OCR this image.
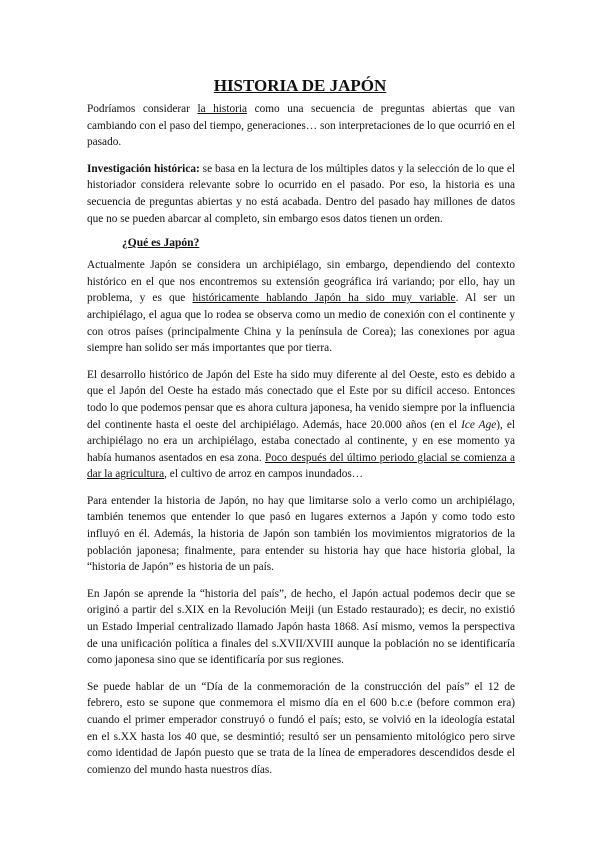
HISTORIA DE JAPÓN

Podríamos considerar la historia como una secuencia de preguntas abiertas que van cambiando con el paso del tiempo, generaciones… son interpretaciones de lo que ocurrió en el pasado.

Investigación histórica: se basa en la lectura de los múltiples datos y la selección de lo que el historiador considera relevante sobre lo ocurrido en el pasado. Por eso, la historia es una secuencia de preguntas abiertas y no está acabada. Dentro del pasado hay millones de datos que no se pueden abarcar al completo, sin embargo esos datos tienen un orden.

¿Qué es Japón?

Actualmente Japón se considera un archipiélago, sin embargo, dependiendo del contexto histórico en el que nos encontremos su extensión geográfica irá variando; por ello, hay un problema, y es que históricamente hablando Japón ha sido muy variable. Al ser un archipiélago, el agua que lo rodea se observa como un medio de conexión con el continente y con otros países (principalmente China y la península de Corea); las conexiones por agua siempre han solido ser más importantes que por tierra.

El desarrollo histórico de Japón del Este ha sido muy diferente al del Oeste, esto es debido a que el Japón del Oeste ha estado más conectado que el Este por su difícil acceso. Entonces todo lo que podemos pensar que es ahora cultura japonesa, ha venido siempre por la influencia del continente hasta el oeste del archipiélago. Además, hace 20.000 años (en el Ice Age), el archipiélago no era un archipiélago, estaba conectado al continente, y en ese momento ya había humanos asentados en esa zona. Poco después del último periodo glacial se comienza a dar la agricultura, el cultivo de arroz en campos inundados…

Para entender la historia de Japón, no hay que limitarse solo a verlo como un archipiélago, también tenemos que entender lo que pasó en lugares externos a Japón y como todo esto influyó en él. Además, la historia de Japón son también los movimientos migratorios de la población japonesa; finalmente, para entender su historia hay que hace historia global, la “historia de Japón” es historia de un país.

En Japón se aprende la “historia del país”, de hecho, el Japón actual podemos decir que se originó a partir del s.XIX en la Revolución Meiji (un Estado restaurado); es decir, no existió un Estado Imperial centralizado llamado Japón hasta 1868. Así mismo, vemos la perspectiva de una unificación política a finales del s.XVII/XVIII aunque la población no se identificaría como japonesa sino que se identificaría por sus regiones.

Se puede hablar de un “Día de la conmemoración de la construcción del país” el 12 de febrero, esto se supone que conmemora el mismo día en el 600 b.c.e (before common era) cuando el primer emperador construyó o fundó el país; esto, se volvió en la ideología estatal en el s.XX hasta los 40 que, se desmintió; resultó ser un pensamiento mitológico pero sirve como identidad de Japón puesto que se trata de la línea de emperadores descendidos desde el comienzo del mundo hasta nuestros días.
